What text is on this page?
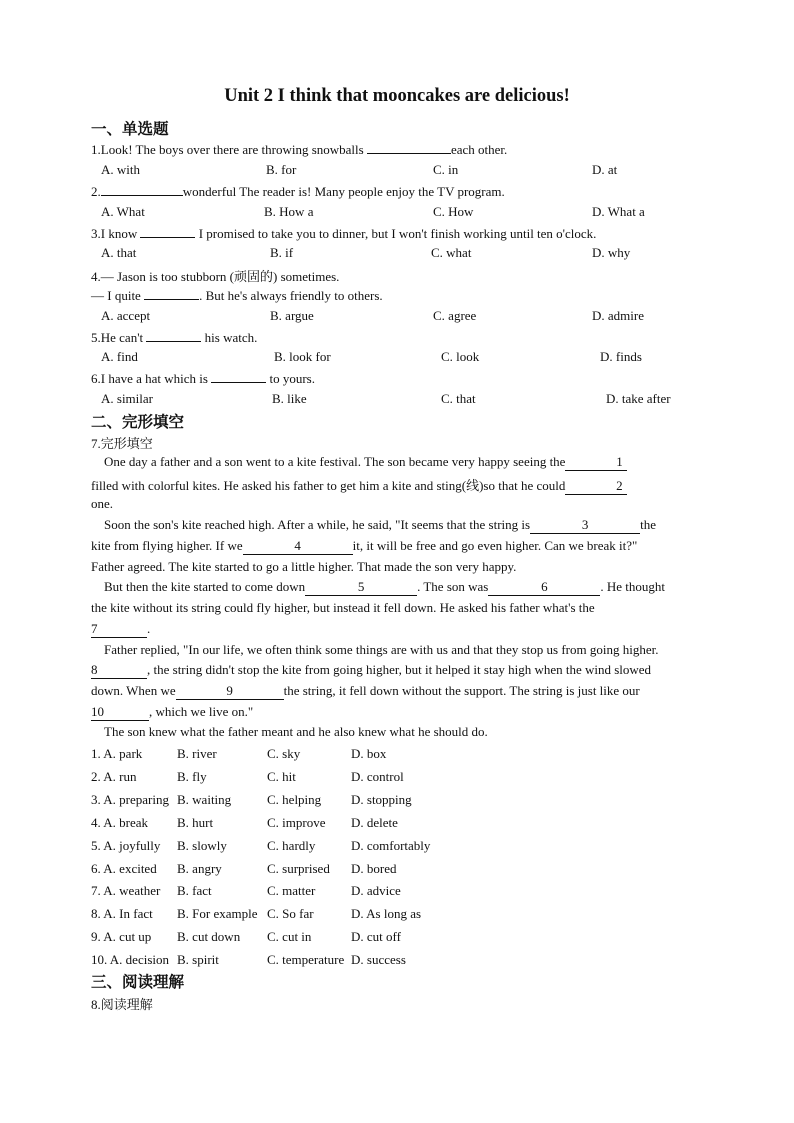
Unit 2 I think that mooncakes are delicious!
一、单选题
1.Look! The boys over there are throwing snowballs	each other.
A. with	B. for	C. in	D. at
2.	wonderful The reader is! Many people enjoy the TV program.
A. What	B. How a	C. How	D. What a
3.I know	I promised to take you to dinner, but I won't finish working until ten o'clock.
A. that	B. if	C. what	D. why
4.— Jason is too stubborn (顽固的) sometimes.
— I quite	. But he's always friendly to others.
A. accept	B. argue	C. agree	D. admire
5.He can't	his watch.
A. find	B. look for	C. look	D. finds
6.I have a hat which is	to yours.
A. similar	B. like	C. that	D. take after
二、完形填空
7.完形填空
One day a father and a son went to a kite festival. The son became very happy seeing the	1
filled with colorful kites. He asked his father to get him a kite and sting(线)so that he could	2
one.
Soon the son's kite reached high. After a while, he said, "It seems that the string is	3	the
kite from flying higher. If we	4	it, it will be free and go even higher. Can we break it?"
Father agreed. The kite started to go a little higher. That made the son very happy.
But then the kite started to come down	5	. The son was	6	. He thought
the kite without its string could fly higher, but instead it fell down. He asked his father what's the
7	.
Father replied, "In our life, we often think some things are with us and that they stop us from going higher.
8	, the string didn't stop the kite from going higher, but it helped it stay high when the wind slowed
down. When we	9	the string, it fell down without the support. The string is just like our
10	, which we live on."
The son knew what the father meant and he also knew what he should do.
1. A. park	B. river	C. sky	D. box
2. A. run	B. fly	C. hit	D. control
3. A. preparing B. waiting	C. helping D. stopping
4. A. break B. hurt	C. improve D. delete
5. A. joyfully B. slowly	C. hardly	D. comfortably
6. A. excited B. angry	C. surprised D. bored
7. A. weather B. fact	C. matter	D. advice
8. A. In fact B. For example C. So far	D. As long as
9. A. cut up B. cut down C. cut in	D. cut off
10. A. decision B. spirit	C. temperature D. success
三、阅读理解
8.阅读理解
